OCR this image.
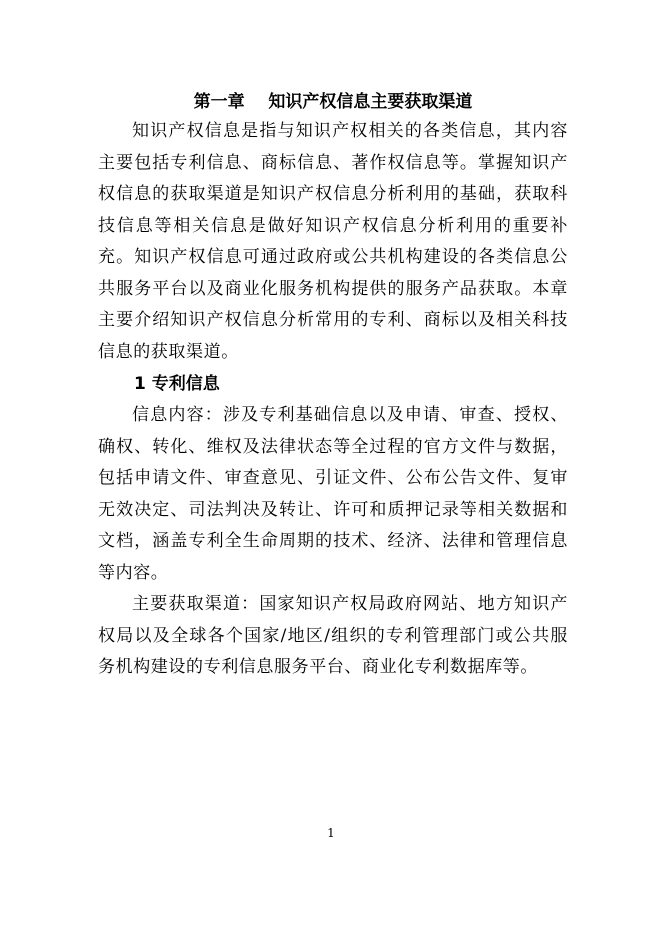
第一章    知识产权信息主要获取渠道

知识产权信息是指与知识产权相关的各类信息，其内容主要包括专利信息、商标信息、著作权信息等。掌握知识产权信息的获取渠道是知识产权信息分析利用的基础，获取科技信息等相关信息是做好知识产权信息分析利用的重要补充。知识产权信息可通过政府或公共机构建设的各类信息公共服务平台以及商业化服务机构提供的服务产品获取。本章主要介绍知识产权信息分析常用的专利、商标以及相关科技信息的获取渠道。

1 专利信息

信息内容：涉及专利基础信息以及申请、审查、授权、确权、转化、维权及法律状态等全过程的官方文件与数据，包括申请文件、审查意见、引证文件、公布公告文件、复审无效决定、司法判决及转让、许可和质押记录等相关数据和文档，涵盖专利全生命周期的技术、经济、法律和管理信息等内容。

主要获取渠道：国家知识产权局政府网站、地方知识产权局以及全球各个国家/地区/组织的专利管理部门或公共服务机构建设的专利信息服务平台、商业化专利数据库等。

1
